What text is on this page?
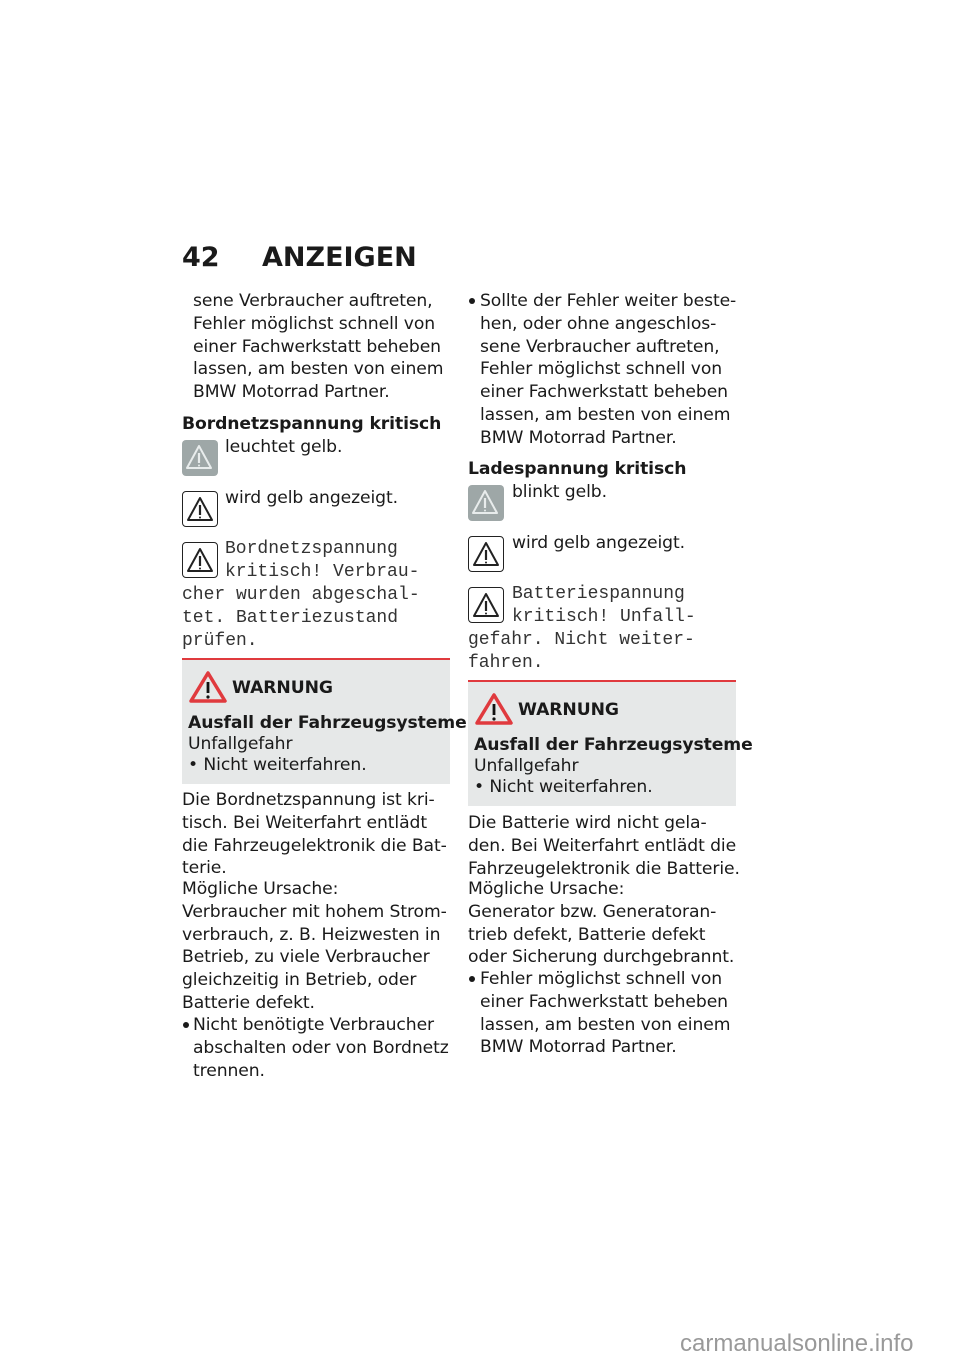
42 ANZEIGEN
sene Verbraucher auftreten,
Fehler möglichst schnell von
einer Fachwerkstatt beheben
lassen, am besten von einem
BMW Motorrad Partner.
Bordnetzspannung kritisch
leuchtet gelb.
wird gelb angezeigt.
Bordnetzspannung
kritisch! Verbrau-
cher wurden abgeschal-
tet. Batteriezustand
prüfen.
WARNUNG
Ausfall der Fahrzeugsysteme
Unfallgefahr
• Nicht weiterfahren.
Die Bordnetzspannung ist kri-
tisch. Bei Weiterfahrt entlädt
die Fahrzeugelektronik die Bat-
terie.
Mögliche Ursache:
Verbraucher mit hohem Strom-
verbrauch, z. B. Heizwesten in
Betrieb, zu viele Verbraucher
gleichzeitig in Betrieb, oder
Batterie defekt.
Nicht benötigte Verbraucher
abschalten oder von Bordnetz
trennen.
Sollte der Fehler weiter beste-
hen, oder ohne angeschlos-
sene Verbraucher auftreten,
Fehler möglichst schnell von
einer Fachwerkstatt beheben
lassen, am besten von einem
BMW Motorrad Partner.
Ladespannung kritisch
blinkt gelb.
wird gelb angezeigt.
Batteriespannung
kritisch! Unfall-
gefahr. Nicht weiter-
fahren.
WARNUNG
Ausfall der Fahrzeugsysteme
Unfallgefahr
• Nicht weiterfahren.
Die Batterie wird nicht gela-
den. Bei Weiterfahrt entlädt die
Fahrzeugelektronik die Batterie.
Mögliche Ursache:
Generator bzw. Generatoran-
trieb defekt, Batterie defekt
oder Sicherung durchgebrannt.
Fehler möglichst schnell von
einer Fachwerkstatt beheben
lassen, am besten von einem
BMW Motorrad Partner.
carmanualsonline.info
